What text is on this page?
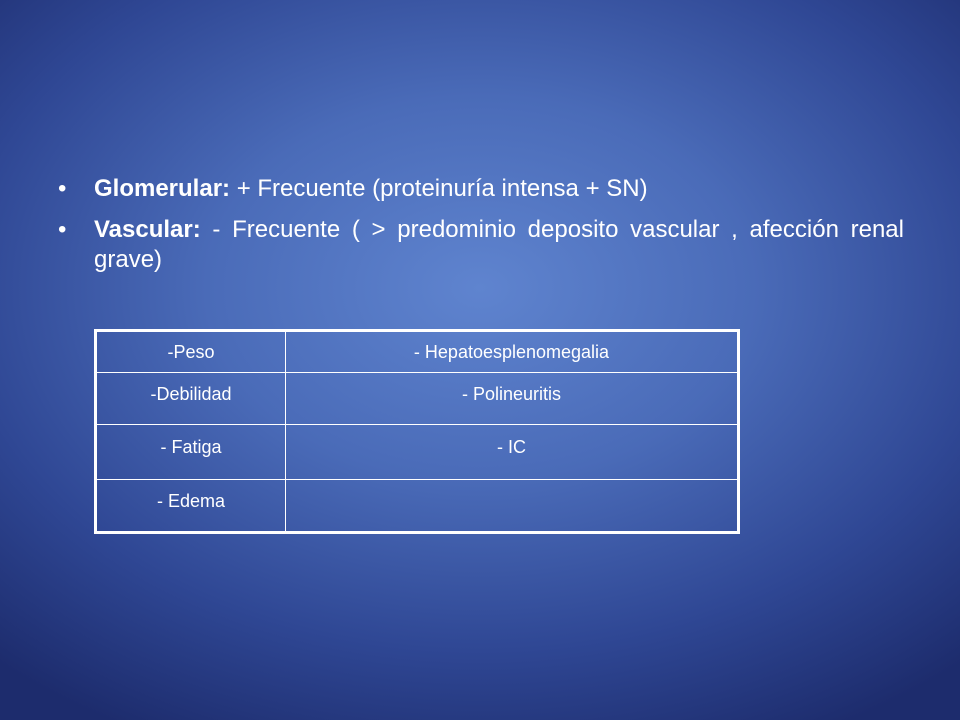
• Glomerular: + Frecuente (proteinuría intensa + SN)
• Vascular: - Frecuente ( > predominio deposito vascular , afección renal grave)
-Peso	- Hepatoesplenomegalia
-Debilidad	- Polineuritis
- Fatiga	- IC
- Edema	
